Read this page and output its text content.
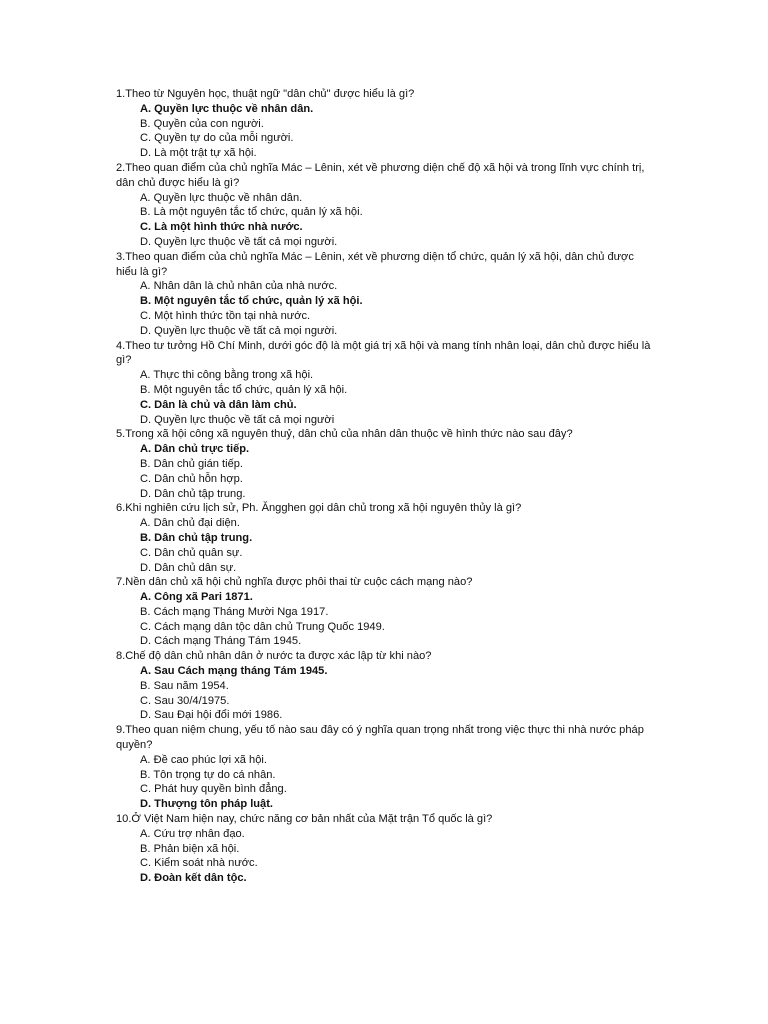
1.Theo từ Nguyên học, thuật ngữ "dân chủ" được hiểu là gì?
A. Quyền lực thuộc về nhân dân.
B. Quyền của con người.
C. Quyền tự do của mỗi người.
D. Là một trật tự xã hội.
2.Theo quan điểm của chủ nghĩa Mác – Lênin, xét về phương diện chế độ xã hội và trong lĩnh vực chính trị, dân chủ được hiểu là gì?
A. Quyền lực thuộc về nhân dân.
B. Là một nguyên tắc tổ chức, quản lý xã hội.
C. Là một hình thức nhà nước.
D. Quyền lực thuộc về tất cả mọi người.
3.Theo quan điểm của chủ nghĩa Mác – Lênin, xét về phương diện tổ chức, quản lý xã hội, dân chủ được hiểu là gì?
A. Nhân dân là chủ nhân của nhà nước.
B. Một nguyên tắc tổ chức, quản lý xã hội.
C. Một hình thức tồn tại nhà nước.
D. Quyền lực thuộc về tất cả mọi người.
4.Theo tư tưởng Hồ Chí Minh, dưới góc độ là một giá trị xã hội và mang tính nhân loại, dân chủ được hiểu là gì?
A. Thực thi công bằng trong xã hội.
B. Một nguyên tắc tổ chức, quản lý xã hội.
C. Dân là chủ và dân làm chủ.
D. Quyền lực thuộc về tất cả mọi người
5.Trong xã hội công xã nguyên thuỷ, dân chủ của nhân dân thuộc về hình thức nào sau đây?
A. Dân chủ trực tiếp.
B. Dân chủ gián tiếp.
C. Dân chủ hỗn hợp.
D. Dân chủ tập trung.
6.Khi nghiên cứu lịch sử, Ph. Ăngghen gọi dân chủ trong xã hội nguyên thủy là gì?
A. Dân chủ đại diện.
B. Dân chủ tập trung.
C. Dân chủ quân sự.
D. Dân chủ dân sự.
7.Nền dân chủ xã hội chủ nghĩa được phôi thai từ cuộc cách mạng nào?
A. Công xã Pari 1871.
B. Cách mạng Tháng Mười Nga 1917.
C. Cách mạng dân tộc dân chủ Trung Quốc 1949.
D. Cách mạng Tháng Tám 1945.
8.Chế độ dân chủ nhân dân ở nước ta được xác lập từ khi nào?
A. Sau Cách mạng tháng Tám 1945.
B. Sau năm 1954.
C. Sau 30/4/1975.
D. Sau Đại hội đổi mới 1986.
9.Theo quan niệm chung, yếu tố nào sau đây có ý nghĩa quan trọng nhất trong việc thực thi nhà nước pháp quyền?
A. Đề cao phúc lợi xã hội.
B. Tôn trọng tự do cá nhân.
C. Phát huy quyền bình đẳng.
D. Thượng tôn pháp luật.
10.Ở Việt Nam hiện nay, chức năng cơ bản nhất của Mặt trận Tổ quốc là gì?
A. Cứu trợ nhân đạo.
B. Phản biện xã hội.
C. Kiểm soát nhà nước.
D. Đoàn kết dân tộc.
